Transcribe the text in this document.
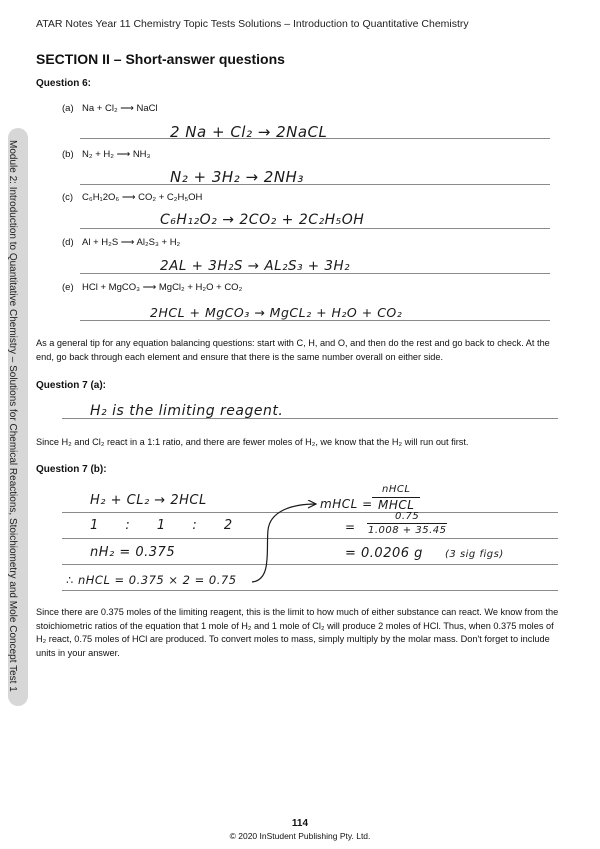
ATAR Notes Year 11 Chemistry Topic Tests Solutions – Introduction to Quantitative Chemistry
SECTION II – Short-answer questions
Module 2: Introduction to Quantitative Chemistry – Solutions for Chemical Reactions, Stoichiometry and Mole Concept Test 1
Question 6:
(a) Na + Cl₂ ⟶ NaCl
2 Na + Cl₂ → 2NaCL
(b) N₂ + H₂ ⟶ NH₃
N₂ + 3H₂ → 2NH₃
(c) C₆H₁2O₆ ⟶ CO₂ + C₂H₅OH
C₆H₁₂O₂ → 2CO₂ + 2C₂H₅OH
(d) Al + H₂S ⟶ Al₂S₃ + H₂
2AL + 3H₂S → AL₂S₃ + 3H₂
(e) HCl + MgCO₃ ⟶ MgCl₂ + H₂O + CO₂
2HCL + MgCO₃ → MgCL₂ + H₂O + CO₂
As a general tip for any equation balancing questions: start with C, H, and O, and then do the rest and go back to check. At the end, go back through each element and ensure that there is the same number overall on either side.
Question 7 (a):
H₂ is the limiting reagent.
Since H₂ and Cl₂ react in a 1:1 ratio, and there are fewer moles of H₂, we know that the H₂ will run out first.
Question 7 (b):
H₂ + CL₂ → 2HCL
1 : 1 : 2
nH₂ = 0.375
∴ nHCL = 0.375 × 2 = 0.75
mHCL =
nHCL
MHCL
=
0.75
1.008 + 35.45
= 0.0206 g (3 sig figs)
Since there are 0.375 moles of the limiting reagent, this is the limit to how much of either substance can react. We know from the stoichiometric ratios of the equation that 1 mole of H₂ and 1 mole of Cl₂ will produce 2 moles of HCl. Thus, when 0.375 moles of H₂ react, 0.75 moles of HCl are produced. To convert moles to mass, simply multiply by the molar mass. Don't forget to include units in your answer.
114
© 2020 InStudent Publishing Pty. Ltd.
